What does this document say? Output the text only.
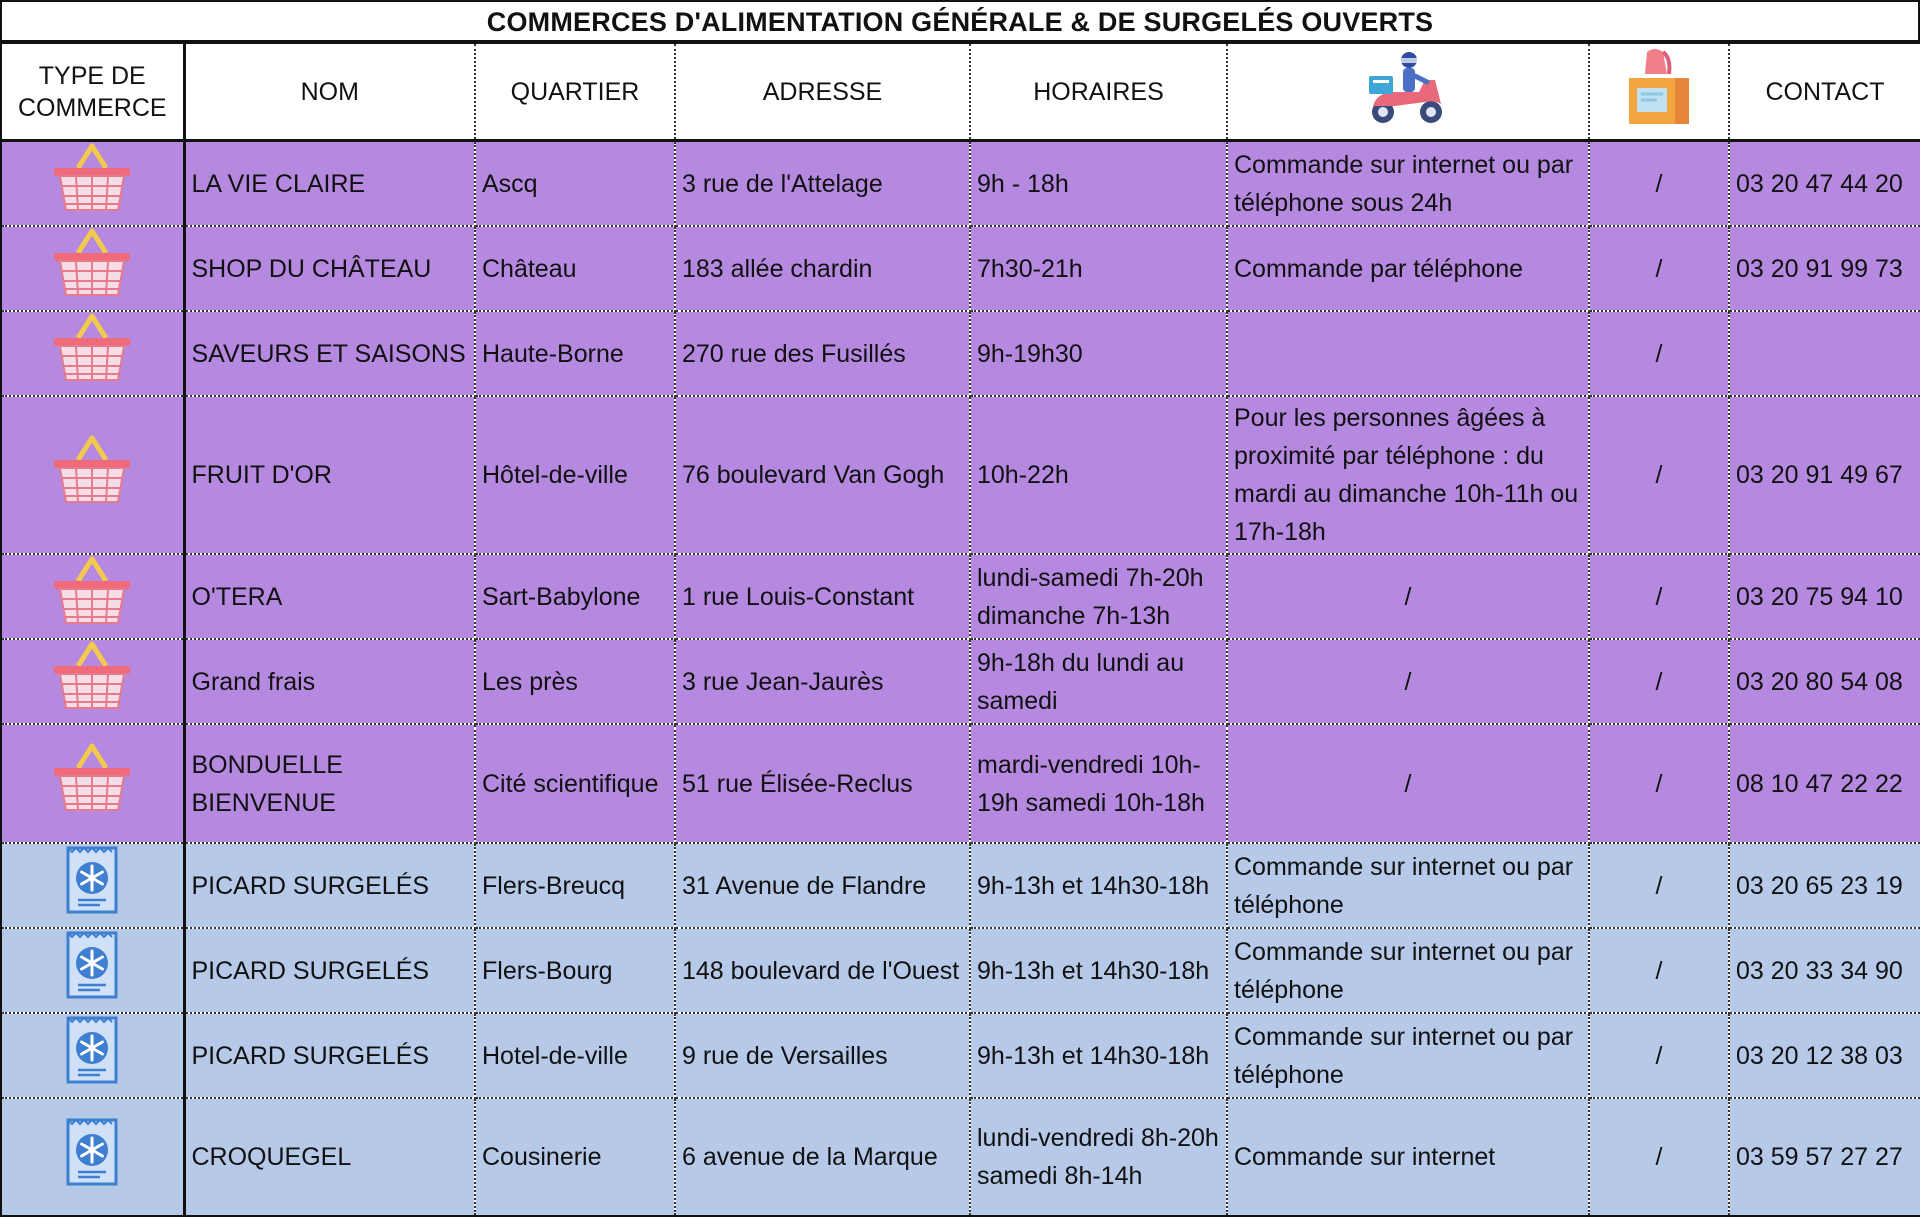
COMMERCES D'ALIMENTATION GÉNÉRALE & DE SURGELÉS OUVERTS
TYPE DE COMMERCE	NOM	QUARTIER	ADRESSE	HORAIRES			CONTACT
	LA VIE CLAIRE	Ascq	3 rue de l'Attelage	9h - 18h	Commande sur internet ou par téléphone sous 24h	/	03 20 47 44 20
	SHOP DU CHÂTEAU	Château	183 allée chardin	7h30-21h	Commande par téléphone	/	03 20 91 99 73
	SAVEURS ET SAISONS	Haute-Borne	270 rue des Fusillés	9h-19h30		/	
	FRUIT D'OR	Hôtel-de-ville	76 boulevard Van Gogh	10h-22h	Pour les personnes âgées à proximité par téléphone : du mardi au dimanche 10h-11h ou 17h-18h	/	03 20 91 49 67
	O'TERA	Sart-Babylone	1 rue Louis-Constant	lundi-samedi 7h-20h dimanche 7h-13h	/	/	03 20 75 94 10
	Grand frais	Les près	3 rue Jean-Jaurès	9h-18h du lundi au samedi	/	/	03 20 80 54 08
	BONDUELLE BIENVENUE	Cité scientifique	51 rue Élisée-Reclus	mardi-vendredi 10h-19h samedi 10h-18h	/	/	08 10 47 22 22
	PICARD SURGELÉS	Flers-Breucq	31 Avenue de Flandre	9h-13h et 14h30-18h	Commande sur internet ou par téléphone	/	03 20 65 23 19
	PICARD SURGELÉS	Flers-Bourg	148 boulevard de l'Ouest	9h-13h et 14h30-18h	Commande sur internet ou par téléphone	/	03 20 33 34 90
	PICARD SURGELÉS	Hotel-de-ville	9 rue de Versailles	9h-13h et 14h30-18h	Commande sur internet ou par téléphone	/	03 20 12 38 03
	CROQUEGEL	Cousinerie	6 avenue de la Marque	lundi-vendredi 8h-20h samedi 8h-14h	Commande sur internet	/	03 59 57 27 27
